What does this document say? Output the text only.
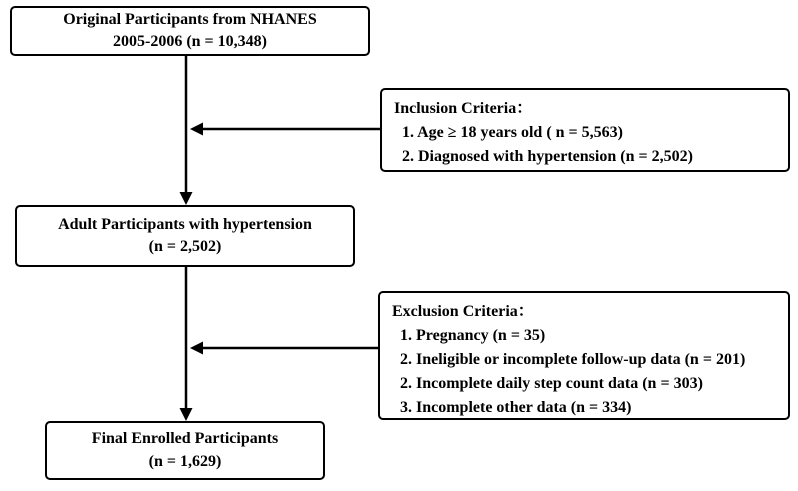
Original Participants from NHANES
2005-2006 (n = 10,348)
Inclusion Criteria：
1. Age ≥ 18 years old ( n = 5,563)
2. Diagnosed with hypertension (n = 2,502)
Adult Participants with hypertension
(n = 2,502)
Exclusion Criteria：
1. Pregnancy (n = 35)
2. Ineligible or incomplete follow-up data (n = 201)
2. Incomplete daily step count data (n = 303)
3. Incomplete other data (n = 334)
Final Enrolled Participants
(n = 1,629)
